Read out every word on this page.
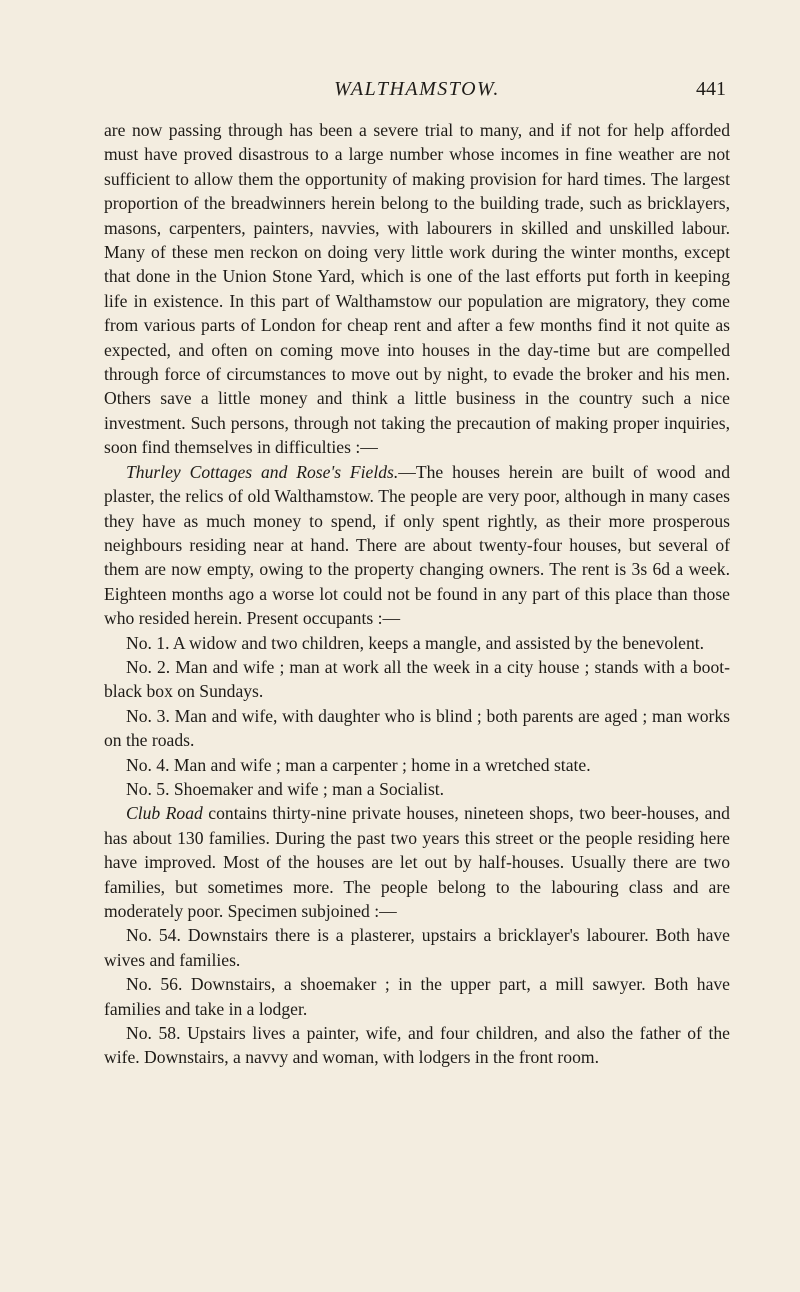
WALTHAMSTOW.	441

are now passing through has been a severe trial to many, and if not for help afforded must have proved disastrous to a large number whose incomes in fine weather are not sufficient to allow them the opportunity of making provision for hard times. The largest proportion of the breadwinners herein belong to the building trade, such as bricklayers, masons, carpenters, painters, navvies, with labourers in skilled and unskilled labour. Many of these men reckon on doing very little work during the winter months, except that done in the Union Stone Yard, which is one of the last efforts put forth in keeping life in existence. In this part of Walthamstow our population are migratory, they come from various parts of London for cheap rent and after a few months find it not quite as expected, and often on coming move into houses in the day-time but are compelled through force of circumstances to move out by night, to evade the broker and his men. Others save a little money and think a little business in the country such a nice investment. Such persons, through not taking the precaution of making proper inquiries, soon find themselves in difficulties :—

Thurley Cottages and Rose's Fields.—The houses herein are built of wood and plaster, the relics of old Walthamstow. The people are very poor, although in many cases they have as much money to spend, if only spent rightly, as their more prosperous neighbours residing near at hand. There are about twenty-four houses, but several of them are now empty, owing to the property changing owners. The rent is 3s 6d a week. Eighteen months ago a worse lot could not be found in any part of this place than those who resided herein. Present occupants :—

No. 1. A widow and two children, keeps a mangle, and assisted by the benevolent.

No. 2. Man and wife ; man at work all the week in a city house ; stands with a boot-black box on Sundays.

No. 3. Man and wife, with daughter who is blind ; both parents are aged ; man works on the roads.

No. 4. Man and wife ; man a carpenter ; home in a wretched state.

No. 5. Shoemaker and wife ; man a Socialist.

Club Road contains thirty-nine private houses, nineteen shops, two beer-houses, and has about 130 families. During the past two years this street or the people residing here have improved. Most of the houses are let out by half-houses. Usually there are two families, but sometimes more. The people belong to the labouring class and are moderately poor. Specimen subjoined :—

No. 54. Downstairs there is a plasterer, upstairs a bricklayer's labourer. Both have wives and families.

No. 56. Downstairs, a shoemaker ; in the upper part, a mill sawyer. Both have families and take in a lodger.

No. 58. Upstairs lives a painter, wife, and four children, and also the father of the wife. Downstairs, a navvy and woman, with lodgers in the front room.
